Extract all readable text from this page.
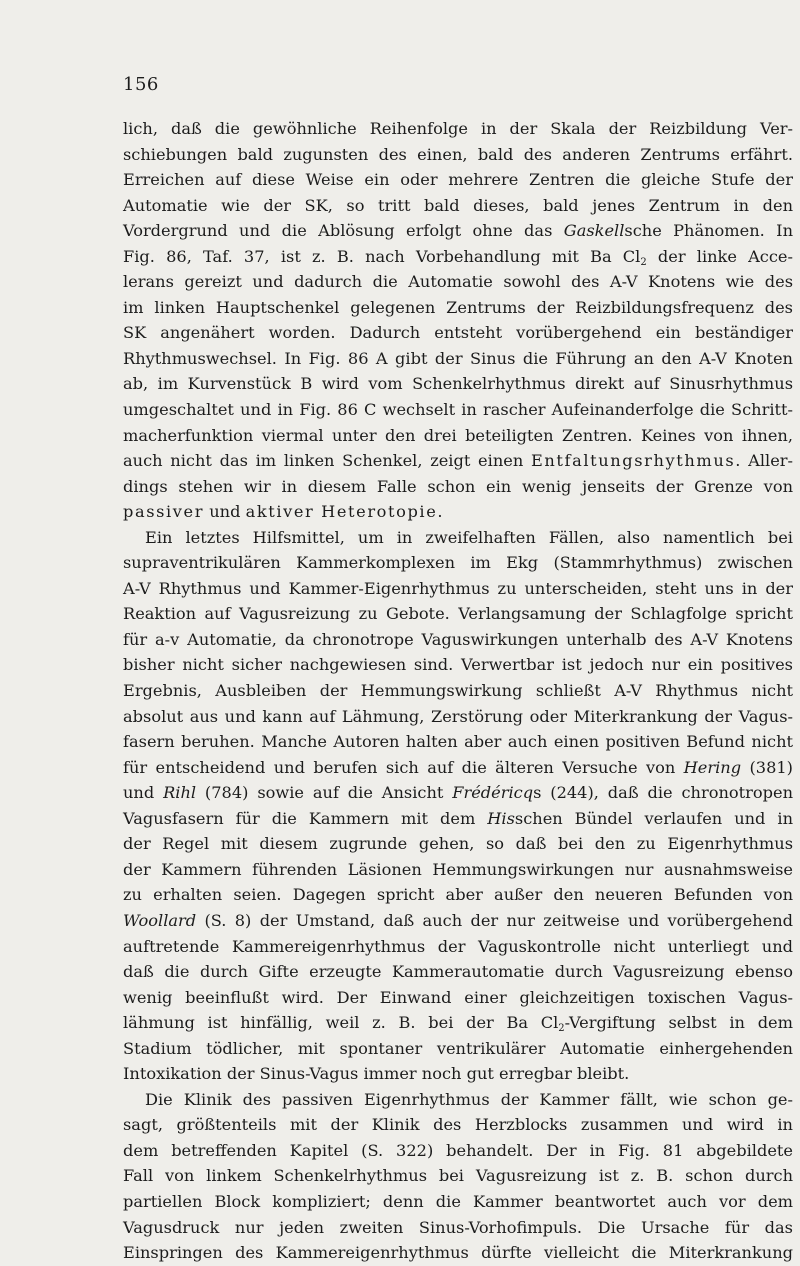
156
lich, daß die gewöhnliche Reihenfolge in der Skala der Reizbildung Ver-
schiebungen bald zugunsten des einen, bald des anderen Zentrums erfährt.
Erreichen auf diese Weise ein oder mehrere Zentren die gleiche Stufe der
Automatie wie der SK, so tritt bald dieses, bald jenes Zentrum in den
Vordergrund und die Ablösung erfolgt ohne das Gaskellsche Phänomen. In
Fig. 86, Taf. 37, ist z. B. nach Vorbehandlung mit Ba Cl2 der linke Acce-
lerans gereizt und dadurch die Automatie sowohl des A-V Knotens wie des
im linken Hauptschenkel gelegenen Zentrums der Reizbildungsfrequenz des
SK angenähert worden. Dadurch entsteht vorübergehend ein beständiger
Rhythmuswechsel. In Fig. 86 A gibt der Sinus die Führung an den A-V Knoten
ab, im Kurvenstück B wird vom Schenkelrhythmus direkt auf Sinusrhythmus
umgeschaltet und in Fig. 86 C wechselt in rascher Aufeinanderfolge die Schritt-
macherfunktion viermal unter den drei beteiligten Zentren. Keines von ihnen,
auch nicht das im linken Schenkel, zeigt einen Entfaltungsrhythmus. Aller-
dings stehen wir in diesem Falle schon ein wenig jenseits der Grenze von
passiver und aktiver Heterotopie.
Ein letztes Hilfsmittel, um in zweifelhaften Fällen, also namentlich bei
supraventrikulären Kammerkomplexen im Ekg (Stammrhythmus) zwischen
A-V Rhythmus und Kammer-Eigenrhythmus zu unterscheiden, steht uns in der
Reaktion auf Vagusreizung zu Gebote. Verlangsamung der Schlagfolge spricht
für a-v Automatie, da chronotrope Vaguswirkungen unterhalb des A-V Knotens
bisher nicht sicher nachgewiesen sind. Verwertbar ist jedoch nur ein positives
Ergebnis, Ausbleiben der Hemmungswirkung schließt A-V Rhythmus nicht
absolut aus und kann auf Lähmung, Zerstörung oder Miterkrankung der Vagus-
fasern beruhen. Manche Autoren halten aber auch einen positiven Befund nicht
für entscheidend und berufen sich auf die älteren Versuche von Hering (381)
und Rihl (784) sowie auf die Ansicht Frédéricqs (244), daß die chronotropen
Vagusfasern für die Kammern mit dem Hisschen Bündel verlaufen und in
der Regel mit diesem zugrunde gehen, so daß bei den zu Eigenrhythmus
der Kammern führenden Läsionen Hemmungswirkungen nur ausnahmsweise
zu erhalten seien. Dagegen spricht aber außer den neueren Befunden von
Woollard (S. 8) der Umstand, daß auch der nur zeitweise und vorübergehend
auftretende Kammereigenrhythmus der Vaguskontrolle nicht unterliegt und
daß die durch Gifte erzeugte Kammerautomatie durch Vagusreizung ebenso
wenig beeinflußt wird. Der Einwand einer gleichzeitigen toxischen Vagus-
lähmung ist hinfällig, weil z. B. bei der Ba Cl2-Vergiftung selbst in dem
Stadium tödlicher, mit spontaner ventrikulärer Automatie einhergehenden
Intoxikation der Sinus-Vagus immer noch gut erregbar bleibt.
Die Klinik des passiven Eigenrhythmus der Kammer fällt, wie schon ge-
sagt, größtenteils mit der Klinik des Herzblocks zusammen und wird in
dem betreffenden Kapitel (S. 322) behandelt. Der in Fig. 81 abgebildete
Fall von linkem Schenkelrhythmus bei Vagusreizung ist z. B. schon durch
partiellen Block kompliziert; denn die Kammer beantwortet auch vor dem
Vagusdruck nur jeden zweiten Sinus-Vorhofimpuls. Die Ursache für das
Einspringen des Kammereigenrhythmus dürfte vielleicht die Miterkrankung
